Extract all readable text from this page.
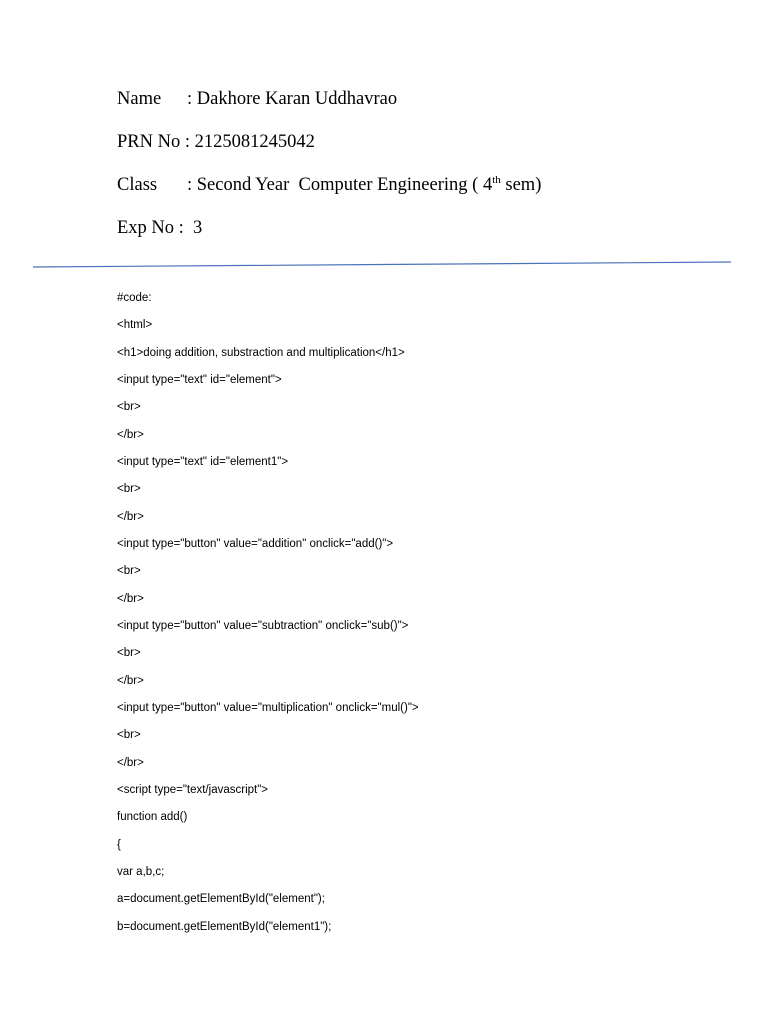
Name : Dakhore Karan Uddhavrao
PRN No : 2125081245042
Class : Second Year  Computer Engineering ( 4th sem)
Exp No :  3
#code:
<html>
<h1>doing addition, substraction and multiplication</h1>
<input type="text" id="element">
<br>
</br>
<input type="text" id="element1">
<br>
</br>
<input type="button" value="addition" onclick="add()">
<br>
</br>
<input type="button" value="subtraction" onclick="sub()">
<br>
</br>
<input type="button" value="multiplication" onclick="mul()">
<br>
</br>
<script type="text/javascript">
function add()
{
var a,b,c;
a=document.getElementById("element");
b=document.getElementById("element1");
